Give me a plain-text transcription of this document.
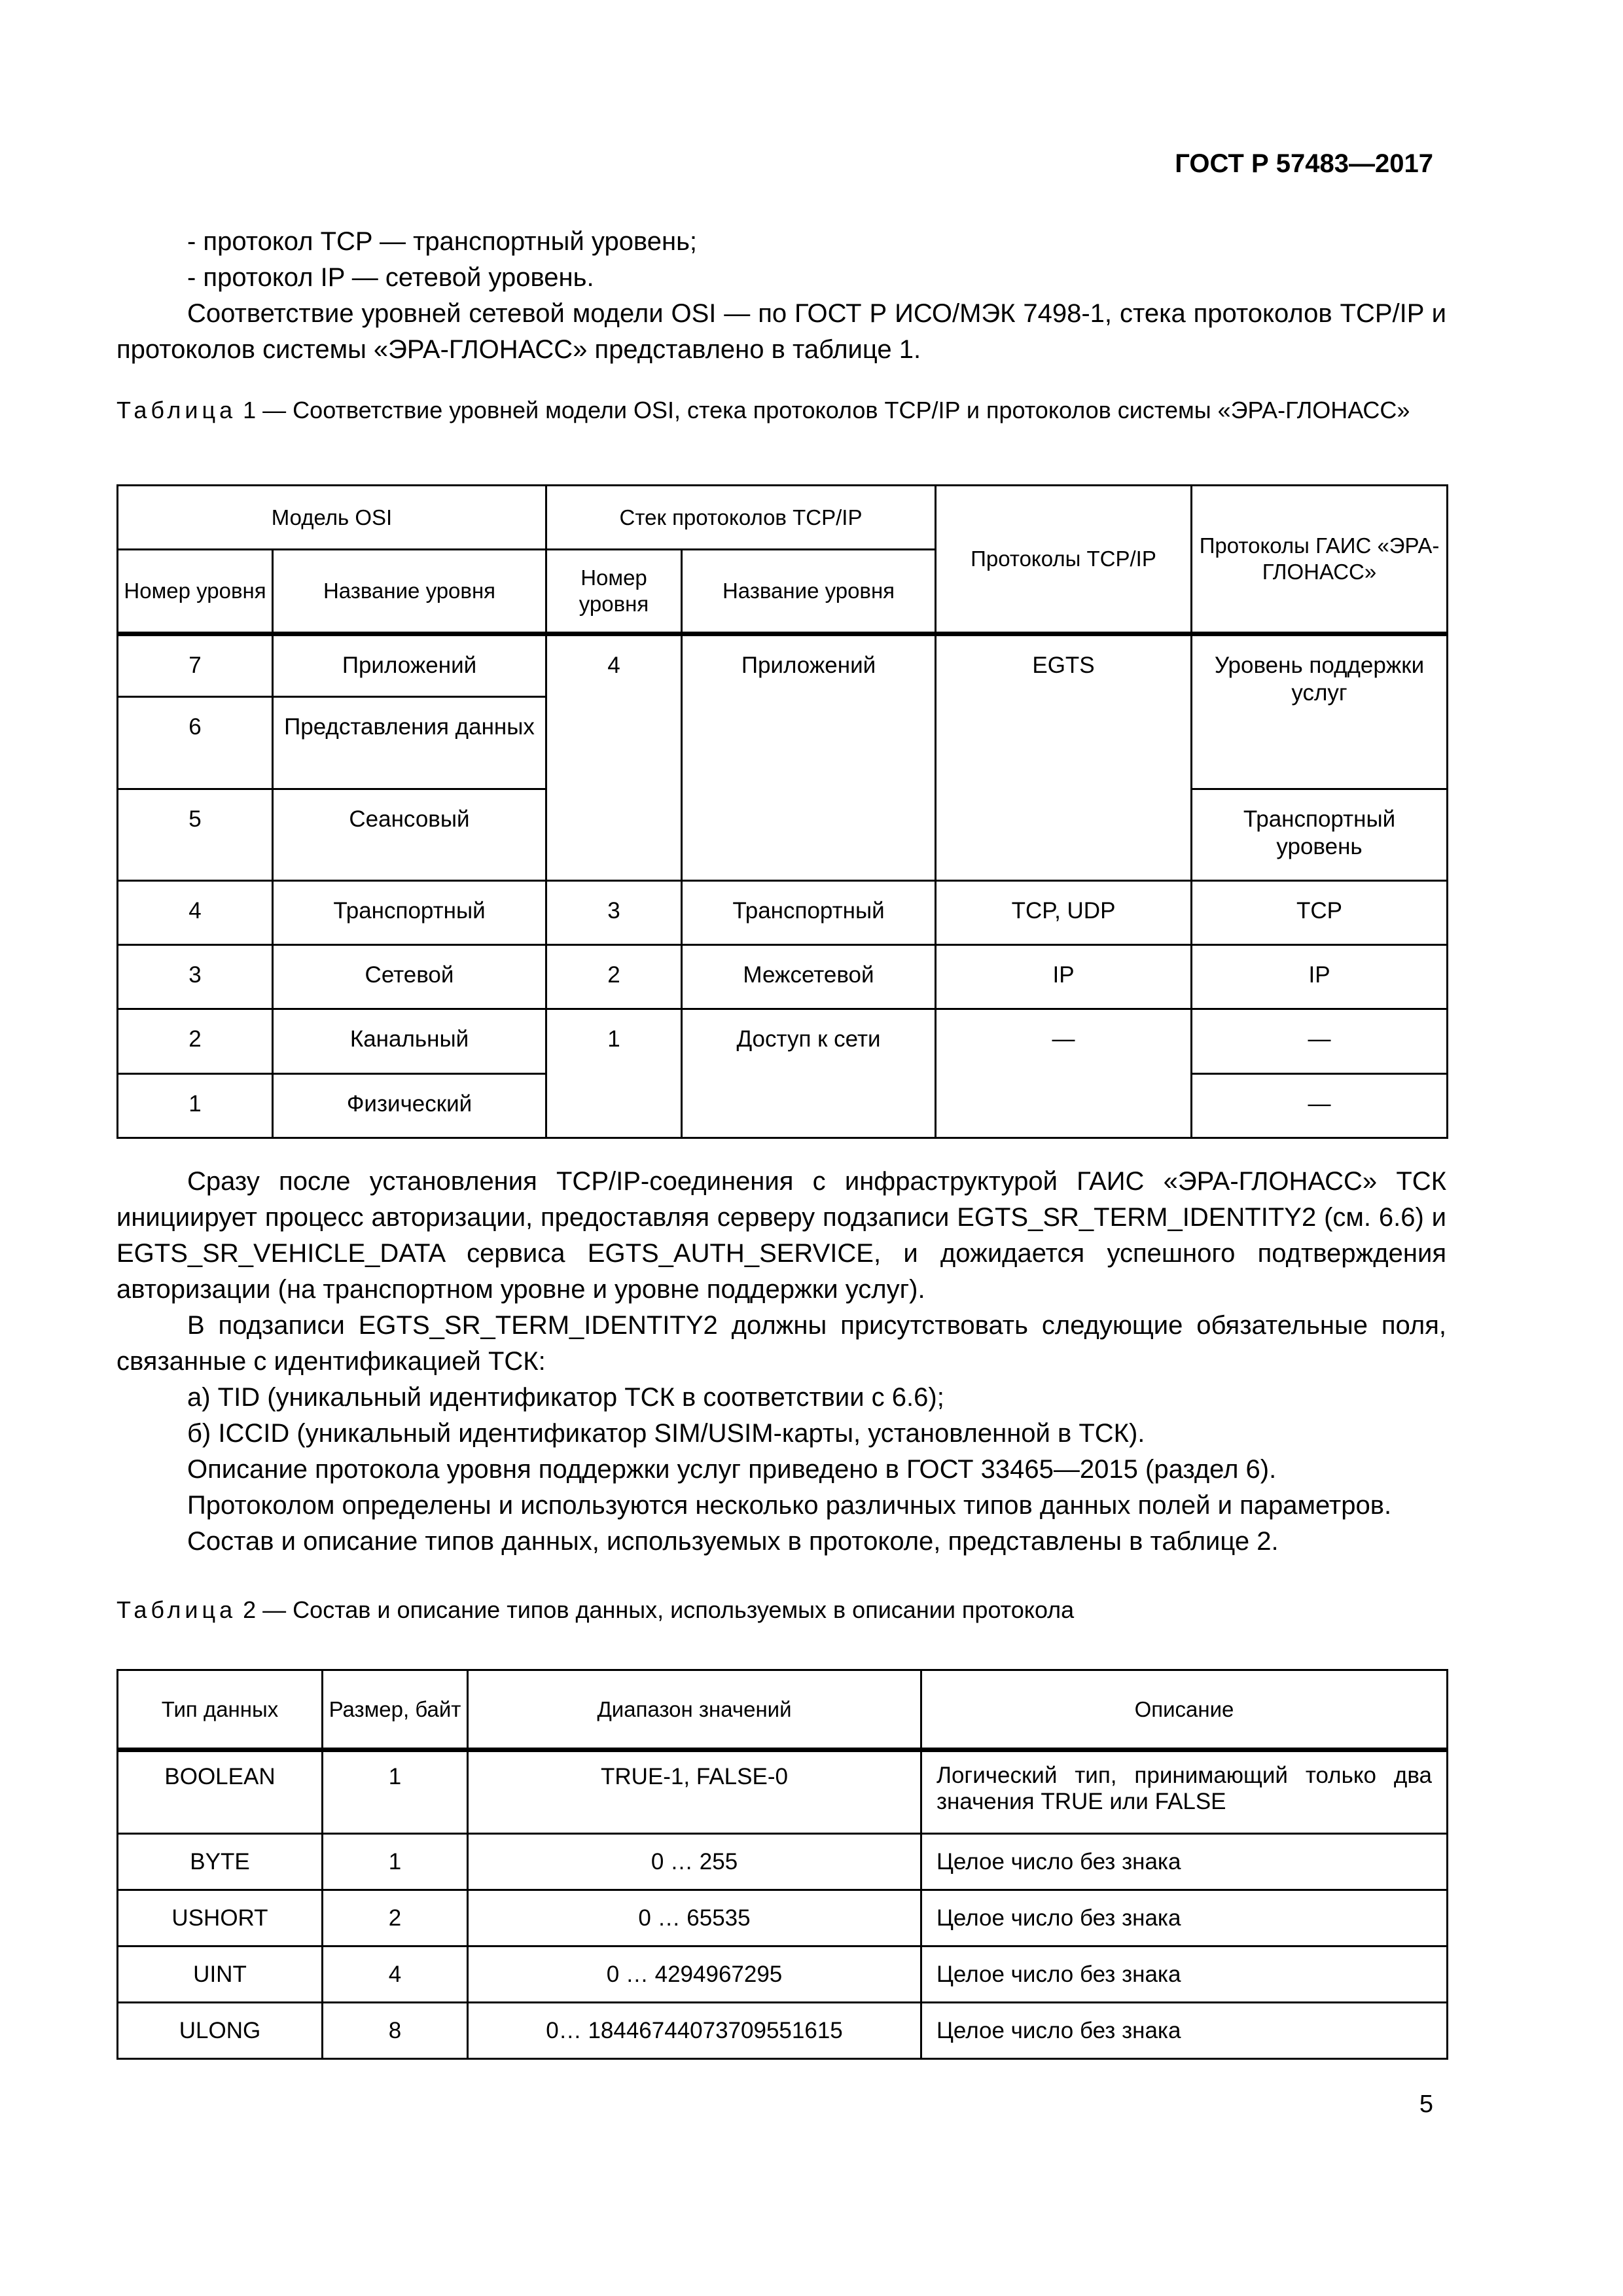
ГОСТ Р 57483—2017

- протокол TCP — транспортный уровень;

- протокол IP — сетевой уровень.

Соответствие уровней сетевой модели OSI — по ГОСТ Р ИСО/МЭК 7498-1, стека протоколов TCP/IP и протоколов системы «ЭРА-ГЛОНАСС» представлено в таблице 1.

Таблица 1 — Соответствие уровней модели OSI, стека протоколов TCP/IP и протоколов системы «ЭРА-ГЛОНАСС»
Модель OSI		Стек протоколов TCP/IP		Протоколы TCP/IP	Протоколы ГАИС «ЭРА-ГЛОНАСС»
Номер уровня	Название уровня	Номер уровня	Название уровня		
7	Приложений	4	Приложений	EGTS	Уровень поддержки услуг
6	Представления данных				
5	Сеансовый				Транспортный уровень
4	Транспортный	3	Транспортный	TCP, UDP	TCP
3	Сетевой	2	Межсетевой	IP	IP
2	Канальный	1	Доступ к сети	—	—
1	Физический				—

Сразу после установления TCP/IP-соединения с инфраструктурой ГАИС «ЭРА-ГЛОНАСС» ТСК инициирует процесс авторизации, предоставляя серверу подзаписи EGTS_SR_TERM_IDENTITY2 (см. 6.6) и EGTS_SR_VEHICLE_DATA сервиса EGTS_AUTH_SERVICE, и дожидается успешного подтверждения авторизации (на транспортном уровне и уровне поддержки услуг).

В подзаписи EGTS_SR_TERM_IDENTITY2 должны присутствовать следующие обязательные поля, связанные с идентификацией ТСК:

а) TID (уникальный идентификатор ТСК в соответствии с 6.6);

б) ICCID (уникальный идентификатор SIM/USIM-карты, установленной в ТСК).

Описание протокола уровня поддержки услуг приведено в ГОСТ 33465—2015 (раздел 6).

Протоколом определены и используются несколько различных типов данных полей и параметров.

Состав и описание типов данных, используемых в протоколе, представлены в таблице 2.

Таблица 2 — Состав и описание типов данных, используемых в описании протокола
Тип данных	Размер, байт	Диапазон значений	Описание
BOOLEAN	1	TRUE-1, FALSE-0	Логический тип, принимающий только два значения TRUE или FALSE
BYTE	1	0 … 255	Целое число без знака
USHORT	2	0 … 65535	Целое число без знака
UINT	4	0 … 4294967295	Целое число без знака
ULONG	8	0… 18446744073709551615	Целое число без знака
5
